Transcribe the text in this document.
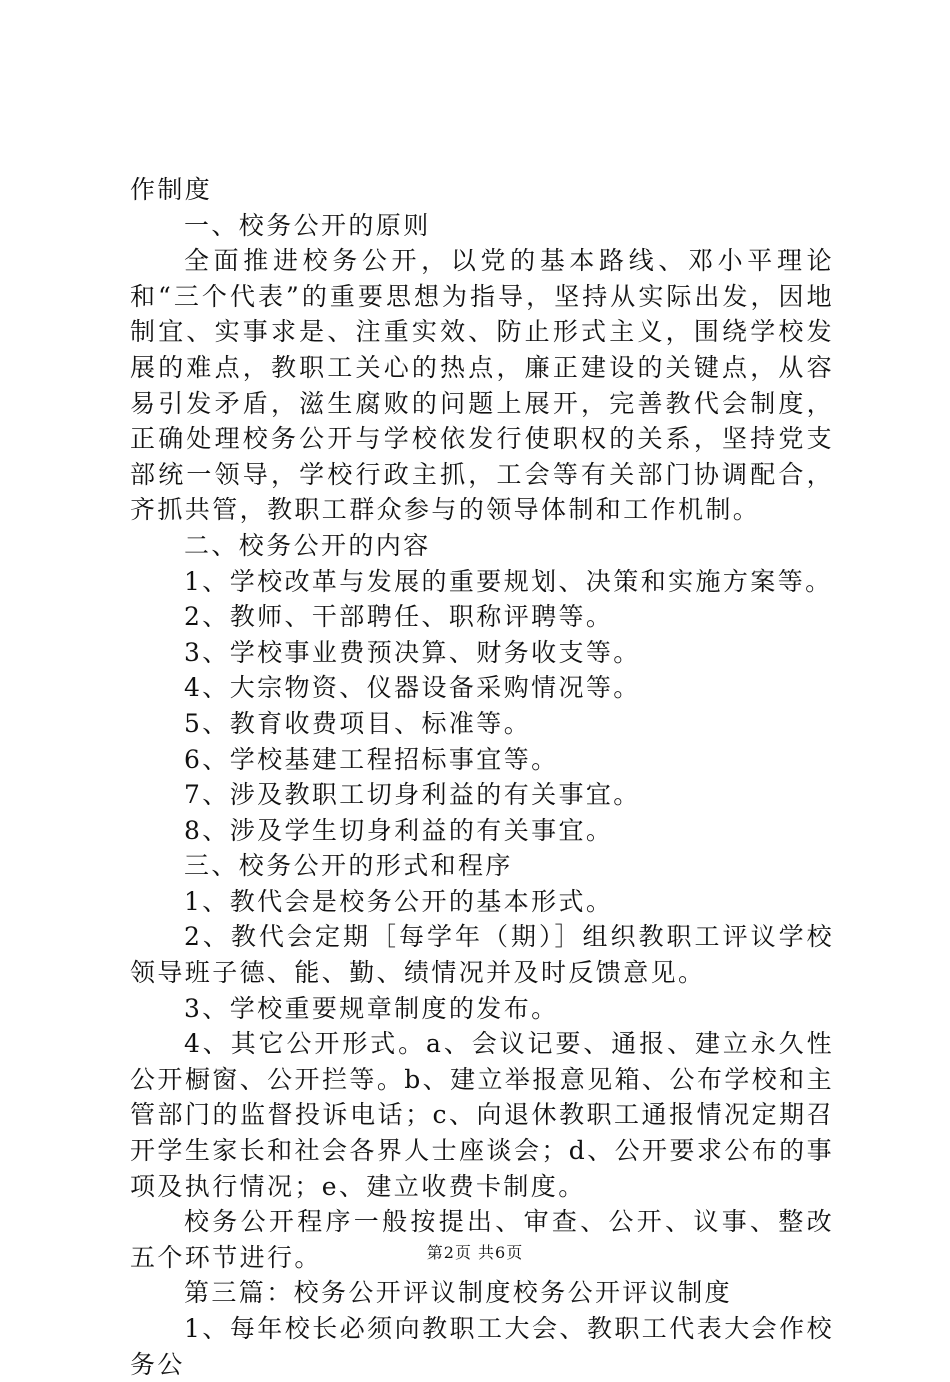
作制度

一、校务公开的原则

全面推进校务公开，以党的基本路线、邓小平理论和“三个代表”的重要思想为指导，坚持从实际出发，因地制宜、实事求是、注重实效、防止形式主义，围绕学校发展的难点，教职工关心的热点，廉正建设的关键点，从容易引发矛盾，滋生腐败的问题上展开，完善教代会制度，正确处理校务公开与学校依发行使职权的关系，坚持党支部统一领导，学校行政主抓，工会等有关部门协调配合，齐抓共管，教职工群众参与的领导体制和工作机制。

二、校务公开的内容

1、学校改革与发展的重要规划、决策和实施方案等。

2、教师、干部聘任、职称评聘等。

3、学校事业费预决算、财务收支等。

4、大宗物资、仪器设备采购情况等。

5、教育收费项目、标准等。

6、学校基建工程招标事宜等。

7、涉及教职工切身利益的有关事宜。

8、涉及学生切身利益的有关事宜。

三、校务公开的形式和程序

1、教代会是校务公开的基本形式。

2、教代会定期［每学年（期）］组织教职工评议学校领导班子德、能、勤、绩情况并及时反馈意见。

3、学校重要规章制度的发布。

4、其它公开形式。a、会议记要、通报、建立永久性公开橱窗、公开拦等。b、建立举报意见箱、公布学校和主管部门的监督投诉电话；c、向退休教职工通报情况定期召开学生家长和社会各界人士座谈会；d、公开要求公布的事项及执行情况；e、建立收费卡制度。

校务公开程序一般按提出、审查、公开、议事、整改五个环节进行。

第三篇：校务公开评议制度校务公开评议制度

1、每年校长必须向教职工大会、教职工代表大会作校务公

第2页 共6页
